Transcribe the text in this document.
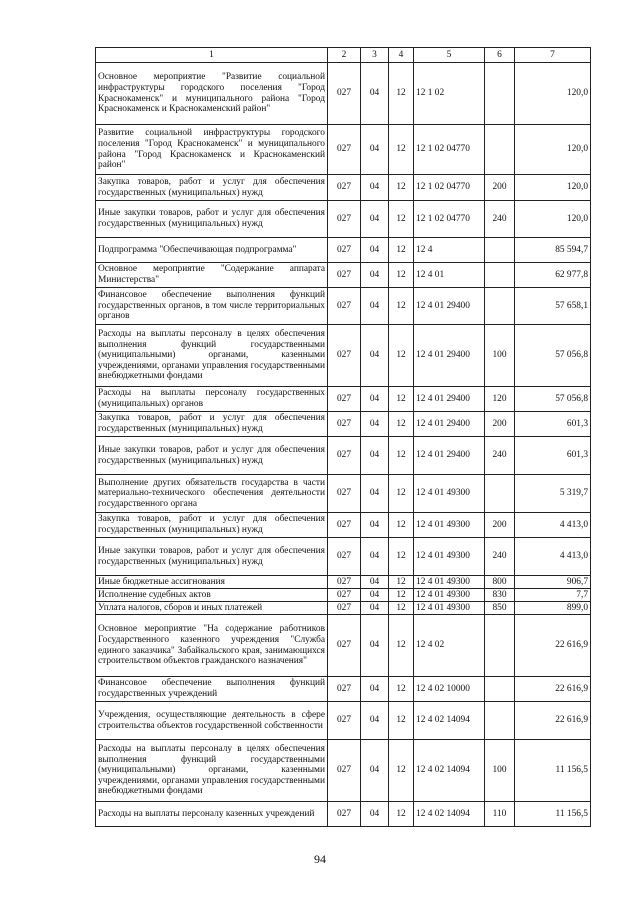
1	2	3	4	5	6	7
Основное мероприятие "Развитие социальной инфраструктуры городского поселения "Город Краснокаменск" и муниципального района "Город Краснокаменск и Краснокаменский район"	027	04	12	12 1 02		120,0
Развитие социальной инфраструктуры городского поселения "Город Краснокаменск" и муниципального района "Город Краснокаменск и Краснокаменский район"	027	04	12	12 1 02 04770		120,0
Закупка товаров, работ и услуг для обеспечения государственных (муниципальных) нужд	027	04	12	12 1 02 04770	200	120,0
Иные закупки товаров, работ и услуг для обеспечения государственных (муниципальных) нужд	027	04	12	12 1 02 04770	240	120,0
Подпрограмма "Обеспечивающая подпрограмма"	027	04	12	12 4		85 594,7
Основное мероприятие "Содержание аппарата Министерства"	027	04	12	12 4 01		62 977,8
Финансовое обеспечение выполнения функций государственных органов, в том числе территориальных органов	027	04	12	12 4 01 29400		57 658,1
Расходы на выплаты персоналу в целях обеспечения выполнения функций государственными (муниципальными) органами, казенными учреждениями, органами управления государственными внебюджетными фондами	027	04	12	12 4 01 29400	100	57 056,8
Расходы на выплаты персоналу государственных (муниципальных) органов	027	04	12	12 4 01 29400	120	57 056,8
Закупка товаров, работ и услуг для обеспечения государственных (муниципальных) нужд	027	04	12	12 4 01 29400	200	601,3
Иные закупки товаров, работ и услуг для обеспечения государственных (муниципальных) нужд	027	04	12	12 4 01 29400	240	601,3
Выполнение других обязательств государства в части материально-технического обеспечения деятельности государственного органа	027	04	12	12 4 01 49300		5 319,7
Закупка товаров, работ и услуг для обеспечения государственных (муниципальных) нужд	027	04	12	12 4 01 49300	200	4 413,0
Иные закупки товаров, работ и услуг для обеспечения государственных (муниципальных) нужд	027	04	12	12 4 01 49300	240	4 413,0
Иные бюджетные ассигнования	027	04	12	12 4 01 49300	800	906,7
Исполнение судебных актов	027	04	12	12 4 01 49300	830	7,7
Уплата налогов, сборов и иных платежей	027	04	12	12 4 01 49300	850	899,0
Основное мероприятие "На содержание работников Государственного казенного учреждения "Служба единого заказчика" Забайкальского края, занимающихся строительством объектов гражданского назначения"	027	04	12	12 4 02		22 616,9
Финансовое обеспечение выполнения функций государственных учреждений	027	04	12	12 4 02 10000		22 616,9
Учреждения, осуществляющие деятельность в сфере строительства объектов государственной собственности	027	04	12	12 4 02 14094		22 616,9
Расходы на выплаты персоналу в целях обеспечения выполнения функций государственными (муниципальными) органами, казенными учреждениями, органами управления государственными внебюджетными фондами	027	04	12	12 4 02 14094	100	11 156,5
Расходы на выплаты персоналу казенных учреждений	027	04	12	12 4 02 14094	110	11 156,5
94
